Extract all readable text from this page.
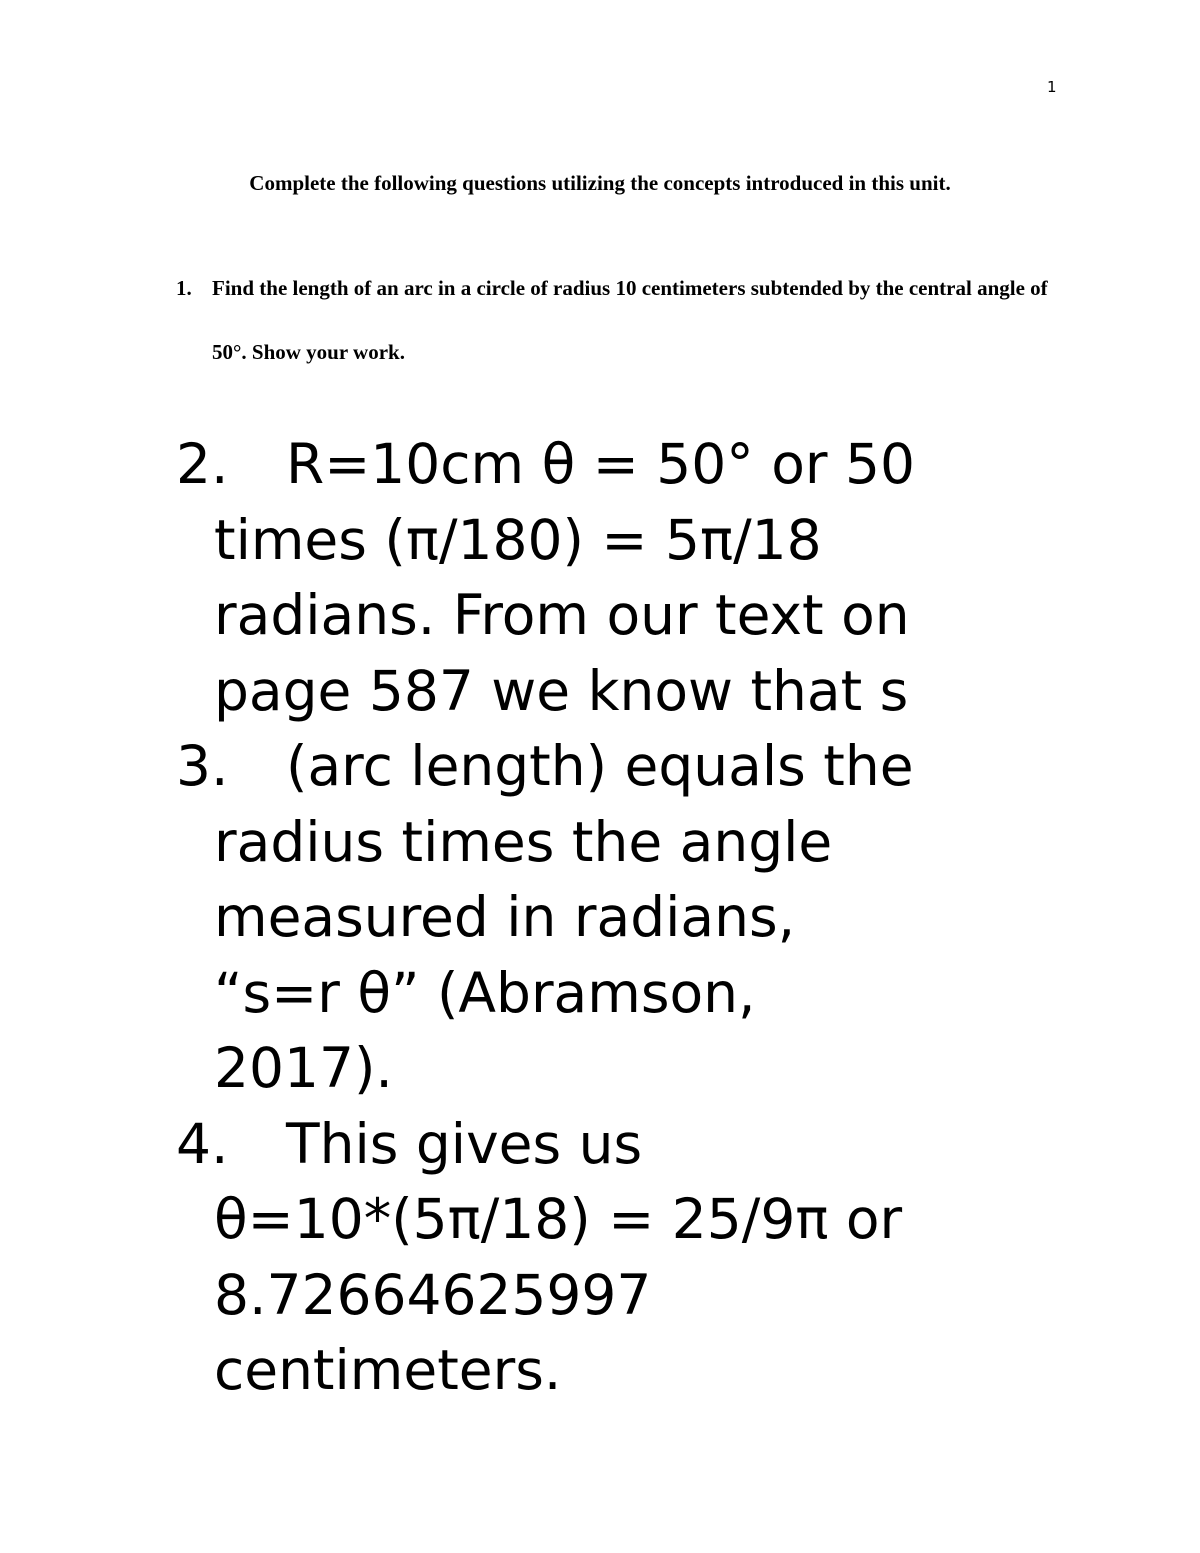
1
Complete the following questions utilizing the concepts introduced in this unit.
1. Find the length of an arc in a circle of radius 10 centimeters subtended by the central angle of 50°. Show your work.
2.	R=10cm θ = 50° or 50
times (π/180) = 5π/18
radians. From our text on
page 587 we know that s
3.	(arc length) equals the
radius times the angle
measured in radians,
“s=r θ” (Abramson,
2017).
4.	This gives us
θ=10*(5π/18) = 25/9π or
8.72664625997
centimeters.
